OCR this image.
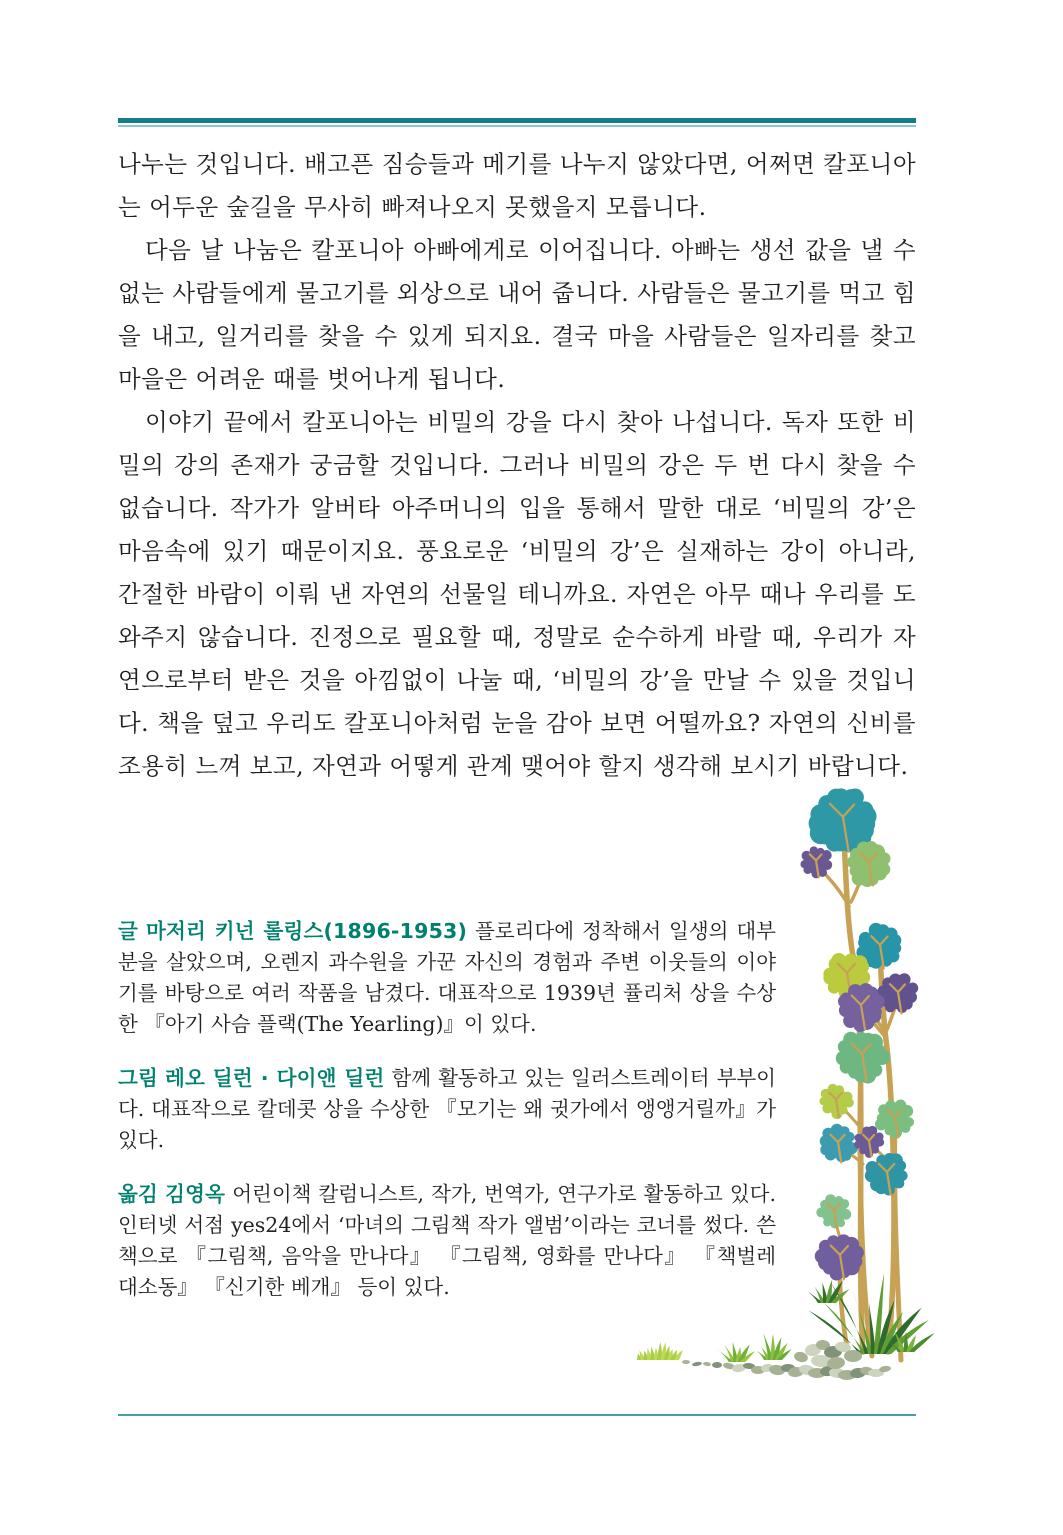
나누는 것입니다. 배고픈 짐승들과 메기를 나누지 않았다면, 어쩌면 칼포니아는 어두운 숲길을 무사히 빠져나오지 못했을지 모릅니다.

다음 날 나눔은 칼포니아 아빠에게로 이어집니다. 아빠는 생선 값을 낼 수 없는 사람들에게 물고기를 외상으로 내어 줍니다. 사람들은 물고기를 먹고 힘을 내고, 일거리를 찾을 수 있게 되지요. 결국 마을 사람들은 일자리를 찾고 마을은 어려운 때를 벗어나게 됩니다.

이야기 끝에서 칼포니아는 비밀의 강을 다시 찾아 나섭니다. 독자 또한 비밀의 강의 존재가 궁금할 것입니다. 그러나 비밀의 강은 두 번 다시 찾을 수 없습니다. 작가가 알버타 아주머니의 입을 통해서 말한 대로 ‘비밀의 강’은 마음속에 있기 때문이지요. 풍요로운 ‘비밀의 강’은 실재하는 강이 아니라, 간절한 바람이 이뤄 낸 자연의 선물일 테니까요. 자연은 아무 때나 우리를 도와주지 않습니다. 진정으로 필요할 때, 정말로 순수하게 바랄 때, 우리가 자연으로부터 받은 것을 아낌없이 나눌 때, ‘비밀의 강’을 만날 수 있을 것입니다. 책을 덮고 우리도 칼포니아처럼 눈을 감아 보면 어떨까요? 자연의 신비를 조용히 느껴 보고, 자연과 어떻게 관계 맺어야 할지 생각해 보시기 바랍니다.

글 마저리 키넌 롤링스(1896-1953) 플로리다에 정착해서 일생의 대부분을 살았으며, 오렌지 과수원을 가꾼 자신의 경험과 주변 이웃들의 이야기를 바탕으로 여러 작품을 남겼다. 대표작으로 1939년 퓰리처 상을 수상한 『아기 사슴 플랙(The Yearling)』이 있다.

그림 레오 딜런 · 다이앤 딜런 함께 활동하고 있는 일러스트레이터 부부이다. 대표작으로 칼데콧 상을 수상한 『모기는 왜 귓가에서 앵앵거릴까』가 있다.

옮김 김영옥 어린이책 칼럼니스트, 작가, 번역가, 연구가로 활동하고 있다. 인터넷 서점 yes24에서 ‘마녀의 그림책 작가 앨범’이라는 코너를 썼다. 쓴 책으로 『그림책, 음악을 만나다』 『그림책, 영화를 만나다』 『책벌레 대소동』 『신기한 베개』 등이 있다.
